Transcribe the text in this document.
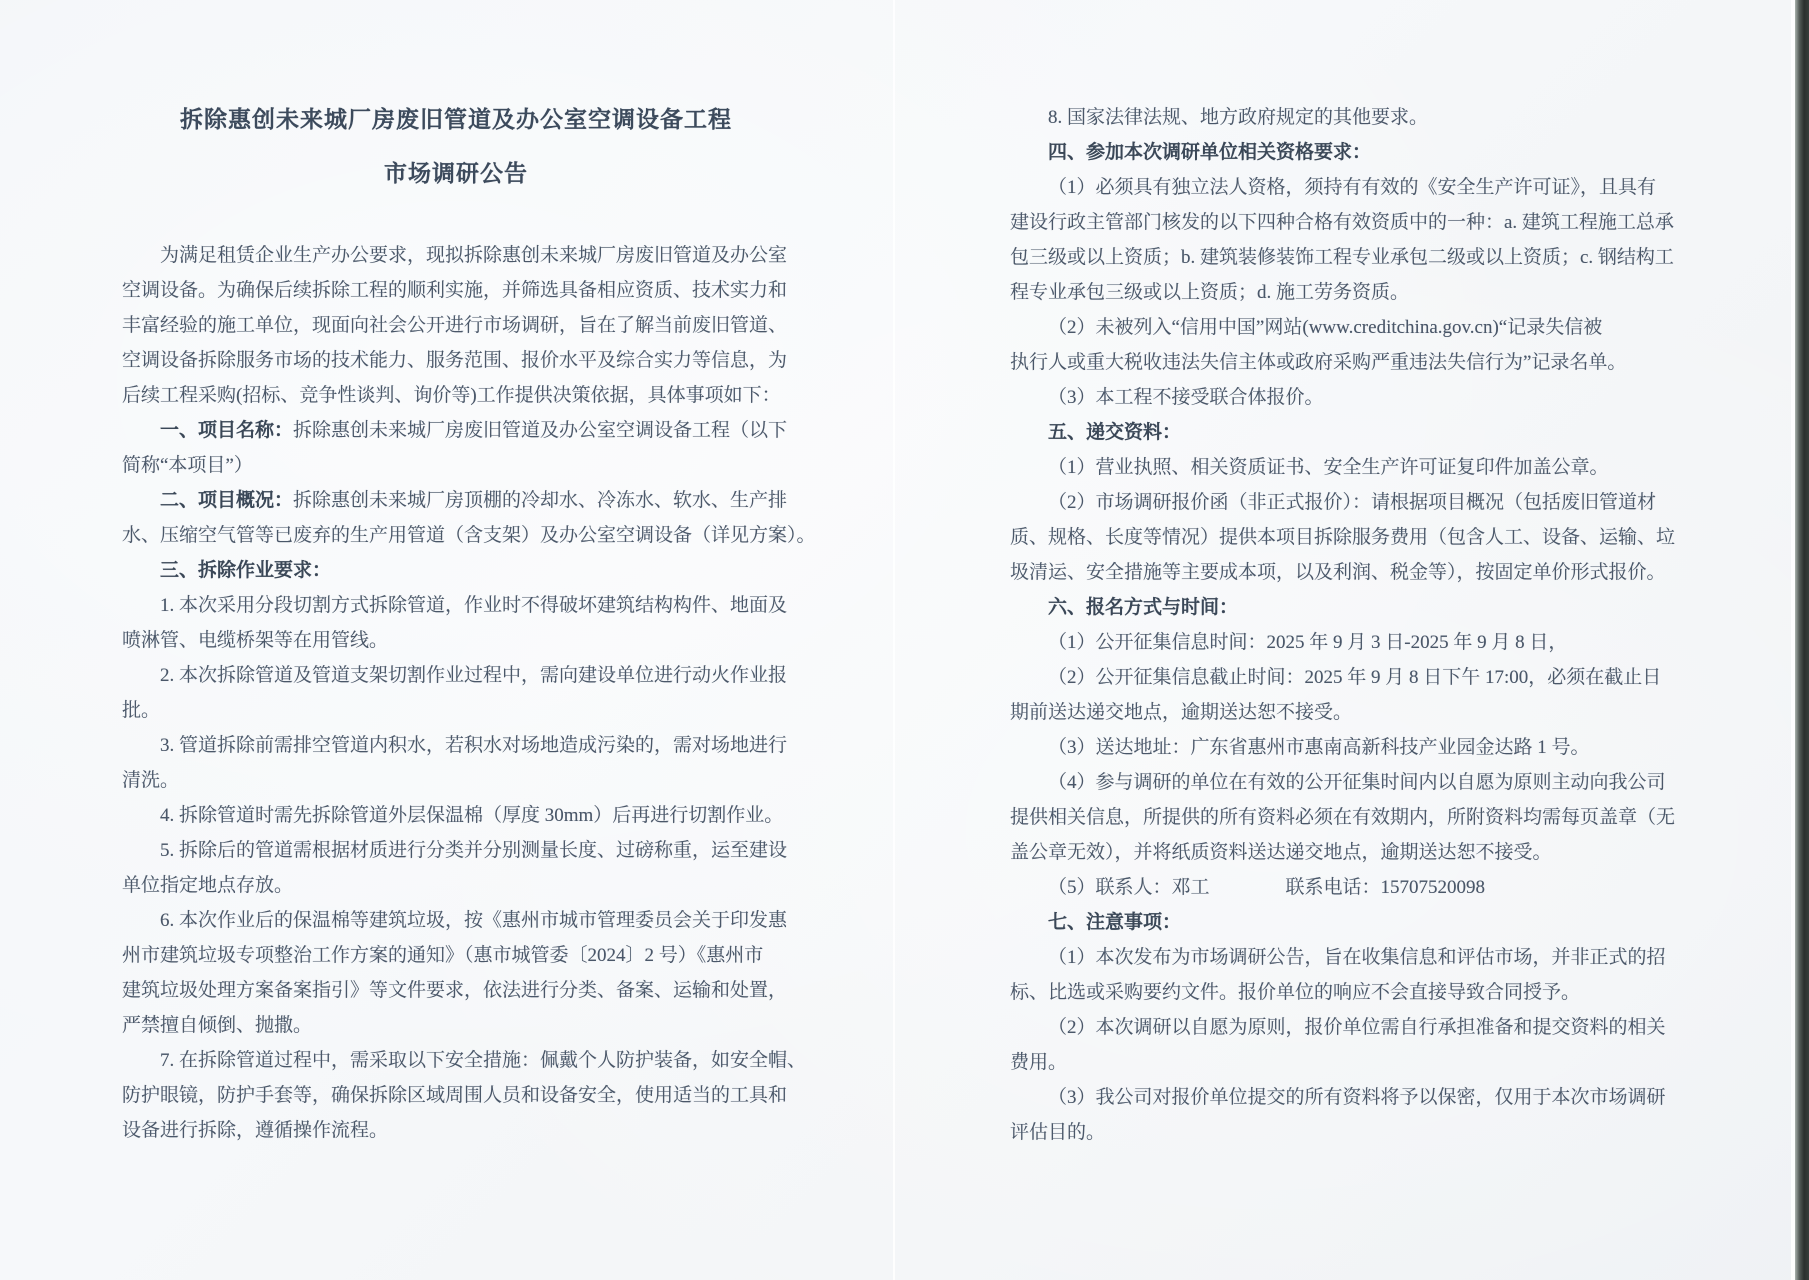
拆除惠创未来城厂房废旧管道及办公室空调设备工程
市场调研公告
为满足租赁企业生产办公要求，现拟拆除惠创未来城厂房废旧管道及办公室
空调设备。为确保后续拆除工程的顺利实施，并筛选具备相应资质、技术实力和
丰富经验的施工单位，现面向社会公开进行市场调研，旨在了解当前废旧管道、
空调设备拆除服务市场的技术能力、服务范围、报价水平及综合实力等信息，为
后续工程采购(招标、竞争性谈判、询价等)工作提供决策依据，具体事项如下：
一、项目名称：拆除惠创未来城厂房废旧管道及办公室空调设备工程（以下
简称“本项目”）
二、项目概况：拆除惠创未来城厂房顶棚的冷却水、冷冻水、软水、生产排
水、压缩空气管等已废弃的生产用管道（含支架）及办公室空调设备（详见方案）。
三、拆除作业要求：
1. 本次采用分段切割方式拆除管道，作业时不得破坏建筑结构构件、地面及
喷淋管、电缆桥架等在用管线。
2. 本次拆除管道及管道支架切割作业过程中，需向建设单位进行动火作业报
批。
3. 管道拆除前需排空管道内积水，若积水对场地造成污染的，需对场地进行
清洗。
4. 拆除管道时需先拆除管道外层保温棉（厚度 30mm）后再进行切割作业。
5. 拆除后的管道需根据材质进行分类并分别测量长度、过磅称重，运至建设
单位指定地点存放。
6. 本次作业后的保温棉等建筑垃圾，按《惠州市城市管理委员会关于印发惠
州市建筑垃圾专项整治工作方案的通知》（惠市城管委〔2024〕2 号）《惠州市
建筑垃圾处理方案备案指引》等文件要求，依法进行分类、备案、运输和处置，
严禁擅自倾倒、抛撒。
7. 在拆除管道过程中，需采取以下安全措施：佩戴个人防护装备，如安全帽、
防护眼镜，防护手套等，确保拆除区域周围人员和设备安全，使用适当的工具和
设备进行拆除，遵循操作流程。
8. 国家法律法规、地方政府规定的其他要求。
四、参加本次调研单位相关资格要求：
（1）必须具有独立法人资格，须持有有效的《安全生产许可证》，且具有
建设行政主管部门核发的以下四种合格有效资质中的一种：a. 建筑工程施工总承
包三级或以上资质；b. 建筑装修装饰工程专业承包二级或以上资质；c. 钢结构工
程专业承包三级或以上资质；d. 施工劳务资质。
（2）未被列入“信用中国”网站(www.creditchina.gov.cn)“记录失信被
执行人或重大税收违法失信主体或政府采购严重违法失信行为”记录名单。
（3）本工程不接受联合体报价。
五、递交资料：
（1）营业执照、相关资质证书、安全生产许可证复印件加盖公章。
（2）市场调研报价函（非正式报价）：请根据项目概况（包括废旧管道材
质、规格、长度等情况）提供本项目拆除服务费用（包含人工、设备、运输、垃
圾清运、安全措施等主要成本项，以及利润、税金等），按固定单价形式报价。
六、报名方式与时间：
（1）公开征集信息时间：2025 年 9 月 3 日-2025 年 9 月 8 日，
（2）公开征集信息截止时间：2025 年 9 月 8 日下午 17:00，必须在截止日
期前送达递交地点，逾期送达恕不接受。
（3）送达地址：广东省惠州市惠南高新科技产业园金达路 1 号。
（4）参与调研的单位在有效的公开征集时间内以自愿为原则主动向我公司
提供相关信息，所提供的所有资料必须在有效期内，所附资料均需每页盖章（无
盖公章无效），并将纸质资料送达递交地点，逾期送达恕不接受。
（5）联系人：邓工	联系电话：15707520098
七、注意事项：
（1）本次发布为市场调研公告，旨在收集信息和评估市场，并非正式的招
标、比选或采购要约文件。报价单位的响应不会直接导致合同授予。
（2）本次调研以自愿为原则，报价单位需自行承担准备和提交资料的相关
费用。
（3）我公司对报价单位提交的所有资料将予以保密，仅用于本次市场调研
评估目的。
